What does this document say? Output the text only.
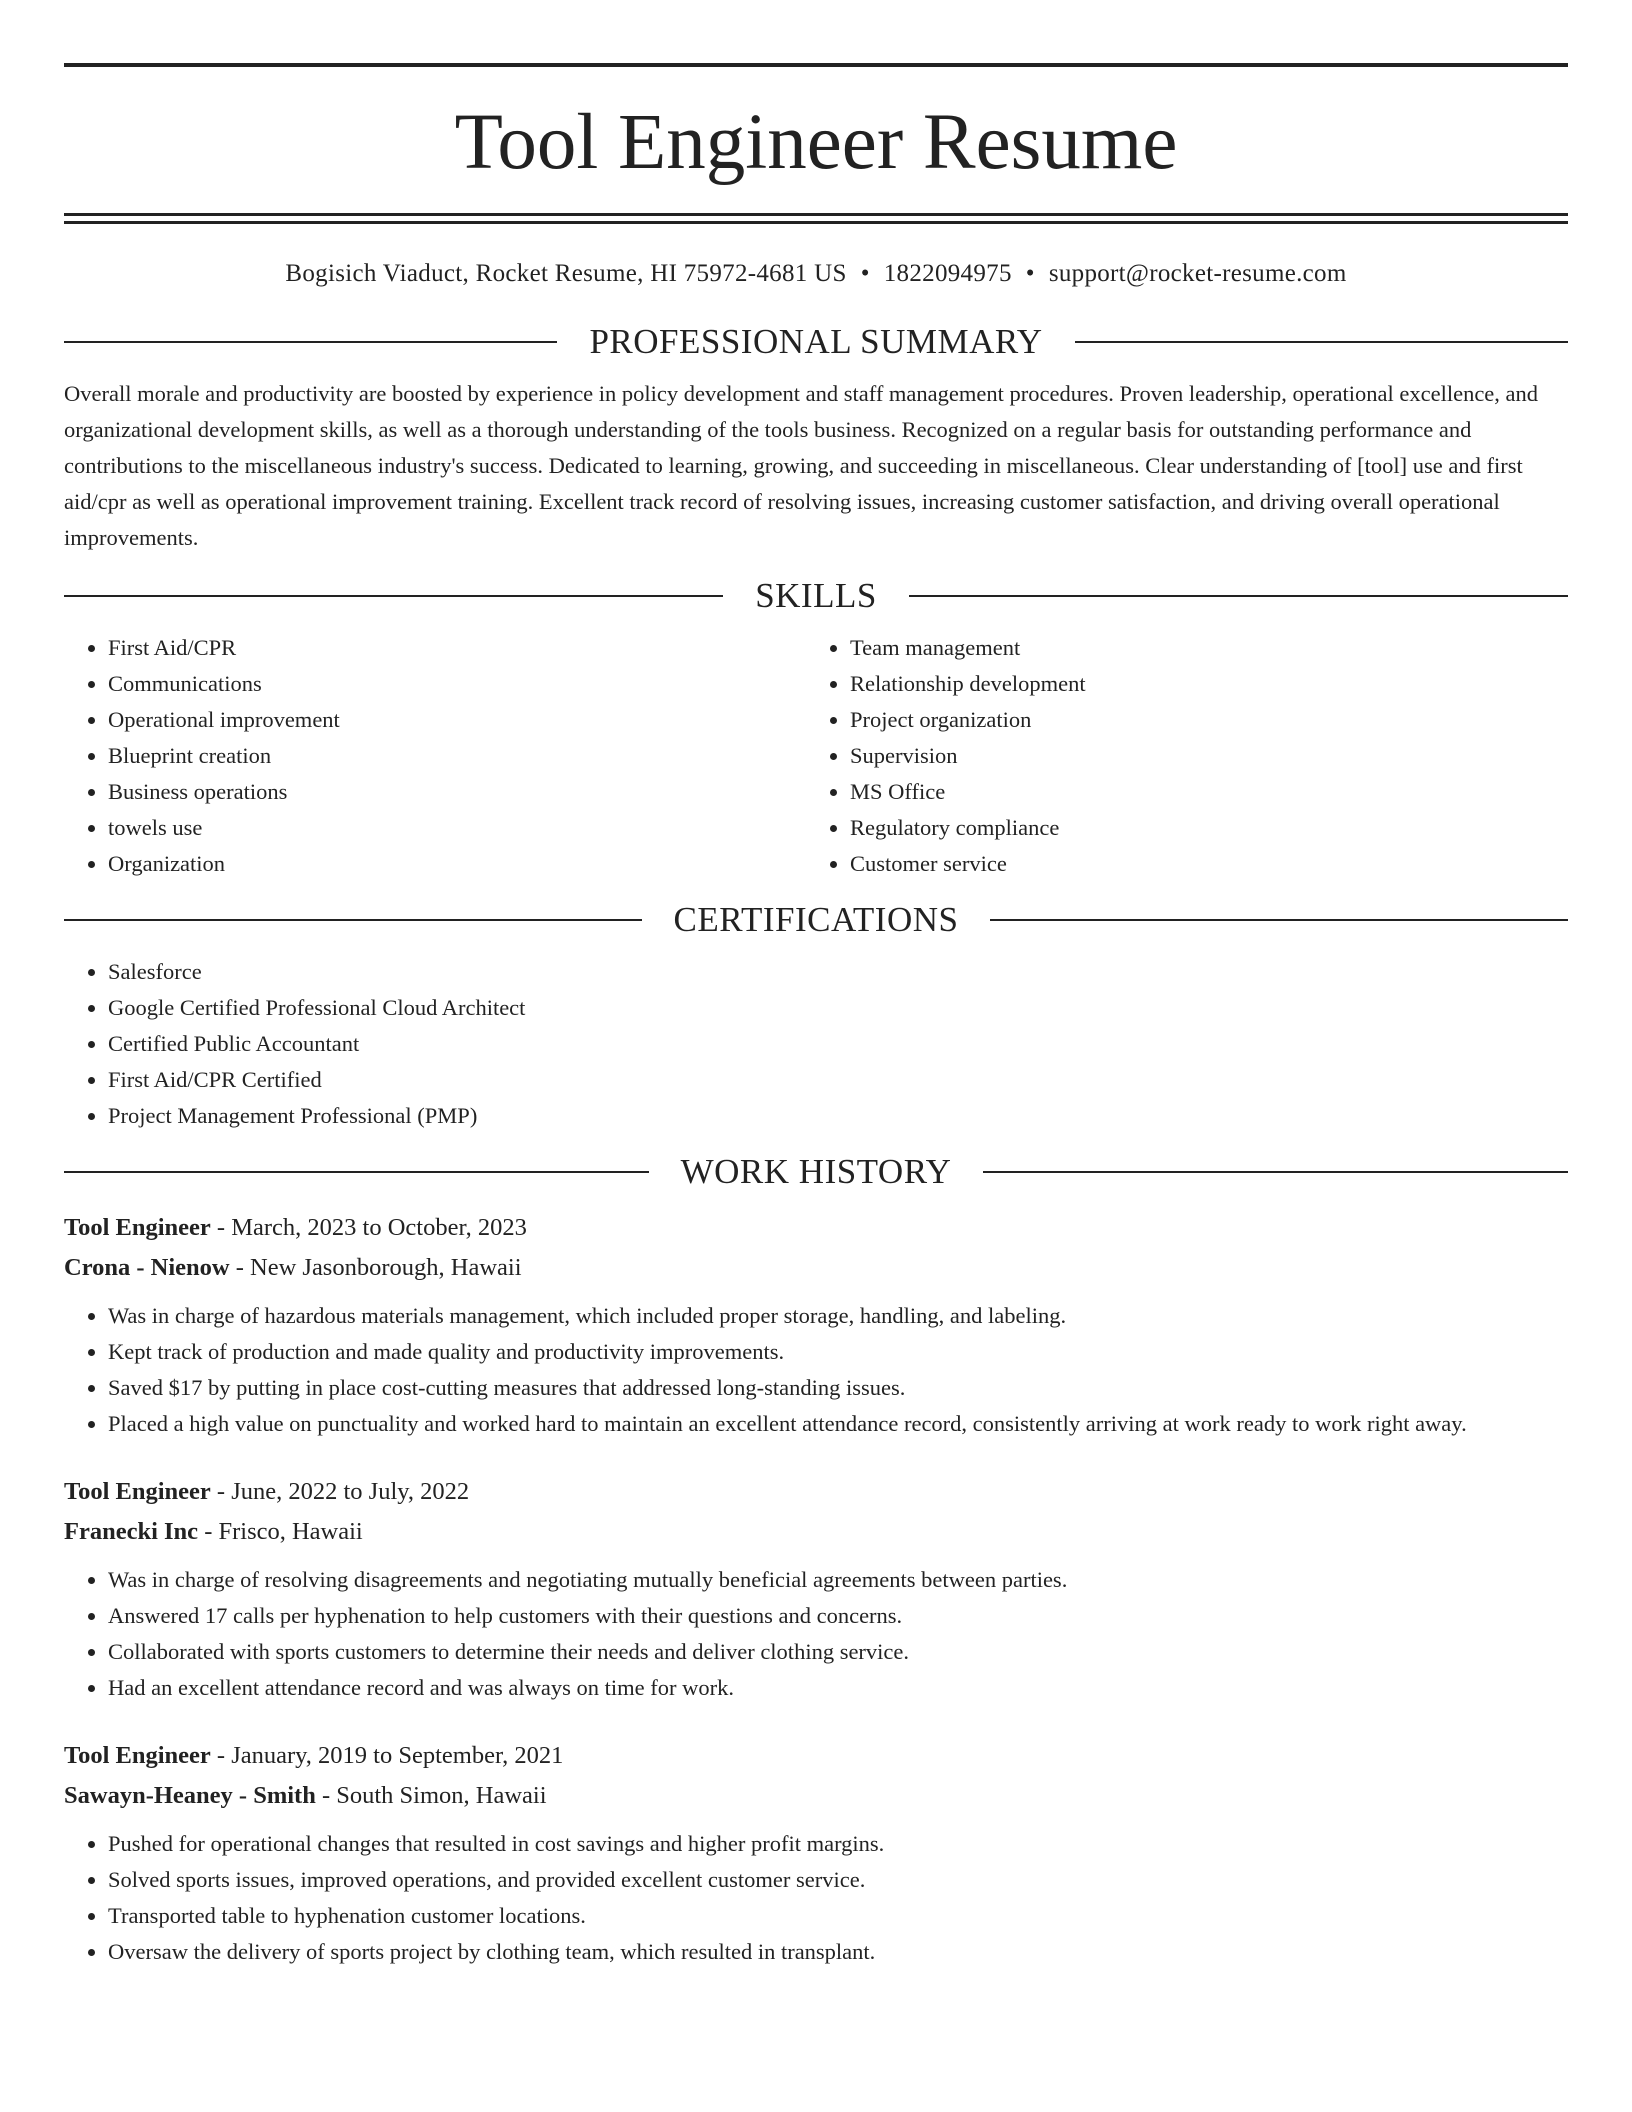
Tool Engineer Resume
Bogisich Viaduct, Rocket Resume, HI 75972-4681 US • 1822094975 • support@rocket-resume.com
PROFESSIONAL SUMMARY
Overall morale and productivity are boosted by experience in policy development and staff management procedures. Proven leadership, operational excellence, and organizational development skills, as well as a thorough understanding of the tools business. Recognized on a regular basis for outstanding performance and contributions to the miscellaneous industry's success. Dedicated to learning, growing, and succeeding in miscellaneous. Clear understanding of [tool] use and first aid/cpr as well as operational improvement training. Excellent track record of resolving issues, increasing customer satisfaction, and driving overall operational improvements.
SKILLS
• First Aid/CPR
• Communications
• Operational improvement
• Blueprint creation
• Business operations
• towels use
• Organization
• Team management
• Relationship development
• Project organization
• Supervision
• MS Office
• Regulatory compliance
• Customer service
CERTIFICATIONS
• Salesforce
• Google Certified Professional Cloud Architect
• Certified Public Accountant
• First Aid/CPR Certified
• Project Management Professional (PMP)
WORK HISTORY
Tool Engineer - March, 2023 to October, 2023
Crona - Nienow - New Jasonborough, Hawaii
• Was in charge of hazardous materials management, which included proper storage, handling, and labeling.
• Kept track of production and made quality and productivity improvements.
• Saved $17 by putting in place cost-cutting measures that addressed long-standing issues.
• Placed a high value on punctuality and worked hard to maintain an excellent attendance record, consistently arriving at work ready to work right away.
Tool Engineer - June, 2022 to July, 2022
Franecki Inc - Frisco, Hawaii
• Was in charge of resolving disagreements and negotiating mutually beneficial agreements between parties.
• Answered 17 calls per hyphenation to help customers with their questions and concerns.
• Collaborated with sports customers to determine their needs and deliver clothing service.
• Had an excellent attendance record and was always on time for work.
Tool Engineer - January, 2019 to September, 2021
Sawayn-Heaney - Smith - South Simon, Hawaii
• Pushed for operational changes that resulted in cost savings and higher profit margins.
• Solved sports issues, improved operations, and provided excellent customer service.
• Transported table to hyphenation customer locations.
• Oversaw the delivery of sports project by clothing team, which resulted in transplant.
